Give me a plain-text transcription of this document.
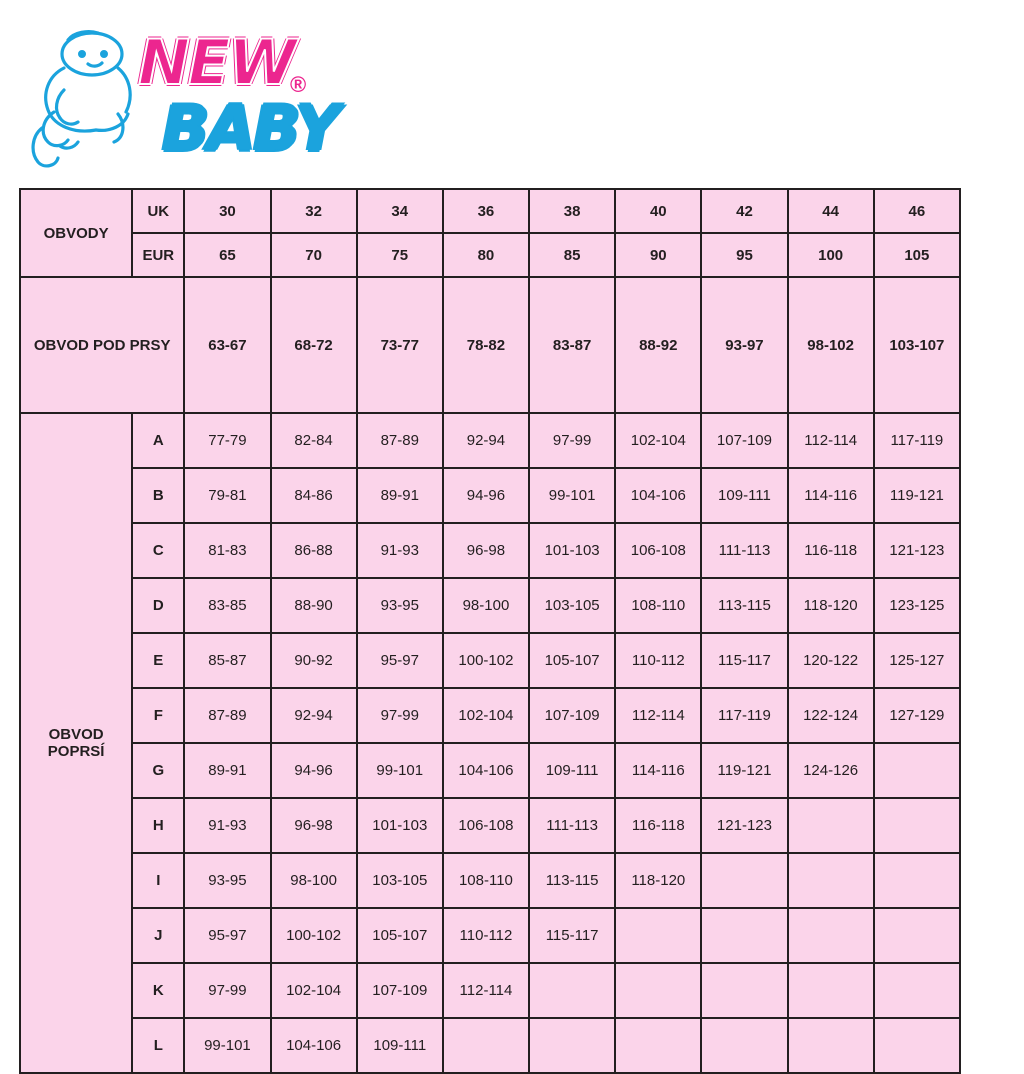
NEW
BABY
®
OBVODY	UK	30	32	34	36	38	40	42	44	46
	EUR	65	70	75	80	85	90	95	100	105
OBVOD POD PRSY		63-67	68-72	73-77	78-82	83-87	88-92	93-97	98-102	103-107
OBVOD POPRSÍ	A	77-79	82-84	87-89	92-94	97-99	102-104	107-109	112-114	117-119
	B	79-81	84-86	89-91	94-96	99-101	104-106	109-111	114-116	119-121
	C	81-83	86-88	91-93	96-98	101-103	106-108	111-113	116-118	121-123
	D	83-85	88-90	93-95	98-100	103-105	108-110	113-115	118-120	123-125
	E	85-87	90-92	95-97	100-102	105-107	110-112	115-117	120-122	125-127
	F	87-89	92-94	97-99	102-104	107-109	112-114	117-119	122-124	127-129
	G	89-91	94-96	99-101	104-106	109-111	114-116	119-121	124-126	
	H	91-93	96-98	101-103	106-108	111-113	116-118	121-123		
	I	93-95	98-100	103-105	108-110	113-115	118-120			
	J	95-97	100-102	105-107	110-112	115-117				
	K	97-99	102-104	107-109	112-114					
	L	99-101	104-106	109-111						
